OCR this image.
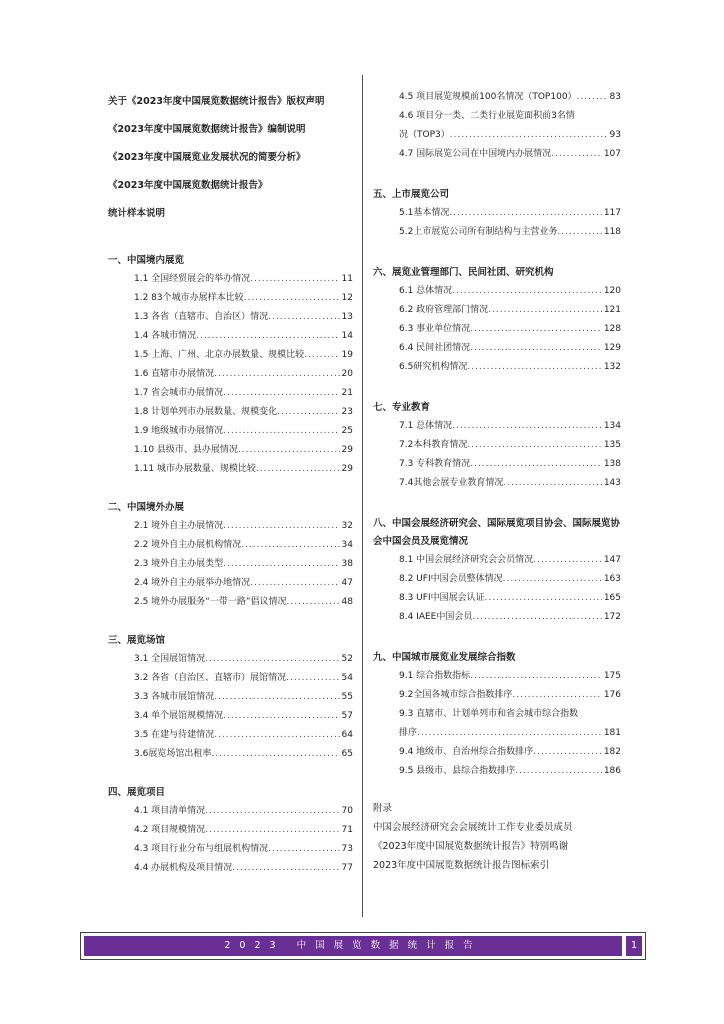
关于《2023年度中国展览数据统计报告》版权声明
《2023年度中国展览数据统计报告》编制说明
《2023年度中国展览业发展状况的简要分析》
《2023年度中国展览数据统计报告》
统计样本说明
一、中国境内展览
1.1 全国经贸展会的举办情况 .....	11
1.2 83个城市办展样本比较 .....	12
1.3 各省（直辖市、自治区）情况 .....	13
1.4 各城市情况 .....	14
1.5 上海、广州、北京办展数量、规模比较 .....	19
1.6 直辖市办展情况 .....	20
1.7 省会城市办展情况 .....	21
1.8 计划单列市办展数量、规模变化 .....	23
1.9 地级城市办展情况 .....	25
1.10 县级市、县办展情况 .....	29
1.11 城市办展数量、规模比较 .....	29
二、中国境外办展
2.1 境外自主办展情况 .....	32
2.2 境外自主办展机构情况 .....	34
2.3 境外自主办展类型 .....	38
2.4 境外自主办展举办地情况 .....	47
2.5 境外办展服务“一带一路”倡议情况 .....	48
三、展览场馆
3.1 全国展馆情况 .....	52
3.2 各省（自治区、直辖市）展馆情况 .....	54
3.3 各城市展馆情况 .....	55
3.4 单个展馆规模情况 .....	57
3.5 在建与待建情况 .....	64
3.6展览场馆出租率 .....	65
四、展览项目
4.1 项目清单情况 .....	70
4.2 项目规模情况 .....	71
4.3 项目行业分布与组展机构情况 .....	73
4.4 办展机构及项目情况 .....	77
4.5 项目展览规模前100名情况（TOP100） .....	83
4.6 项目分一类、二类行业展览面积前3名情
况（TOP3） .....	93
4.7 国际展览公司在中国境内办展情况 .....	107
五、上市展览公司
5.1基本情况 .....	117
5.2上市展览公司所有制结构与主营业务 .....	118
六、展览业管理部门、民间社团、研究机构
6.1 总体情况 .....	120
6.2 政府管理部门情况 .....	121
6.3 事业单位情况 .....	128
6.4 民间社团情况 .....	129
6.5研究机构情况 .....	132
七、专业教育
7.1 总体情况 .....	134
7.2本科教育情况 .....	135
7.3 专科教育情况 .....	138
7.4其他会展专业教育情况 .....	143
八、中国会展经济研究会、国际展览项目协会、国际展览协会中国会员及展览情况
8.1 中国会展经济研究会会员情况 .....	147
8.2 UFI中国会员整体情况 .....	163
8.3 UFI中国展会认证 .....	165
8.4 IAEE中国会员 .....	172
九、中国城市展览业发展综合指数
9.1 综合指数指标 .....	175
9.2全国各城市综合指数排序 .....	176
9.3 直辖市、计划单列市和省会城市综合指数
排序 .....	181
9.4 地级市、自治州综合指数排序 .....	182
9.5 县级市、县综合指数排序 .....	186
附录
中国会展经济研究会会展统计工作专业委员成员
《2023年度中国展览数据统计报告》特别鸣谢
2023年度中国展览数据统计报告图标索引
2023 中国展览数据统计报告	1
